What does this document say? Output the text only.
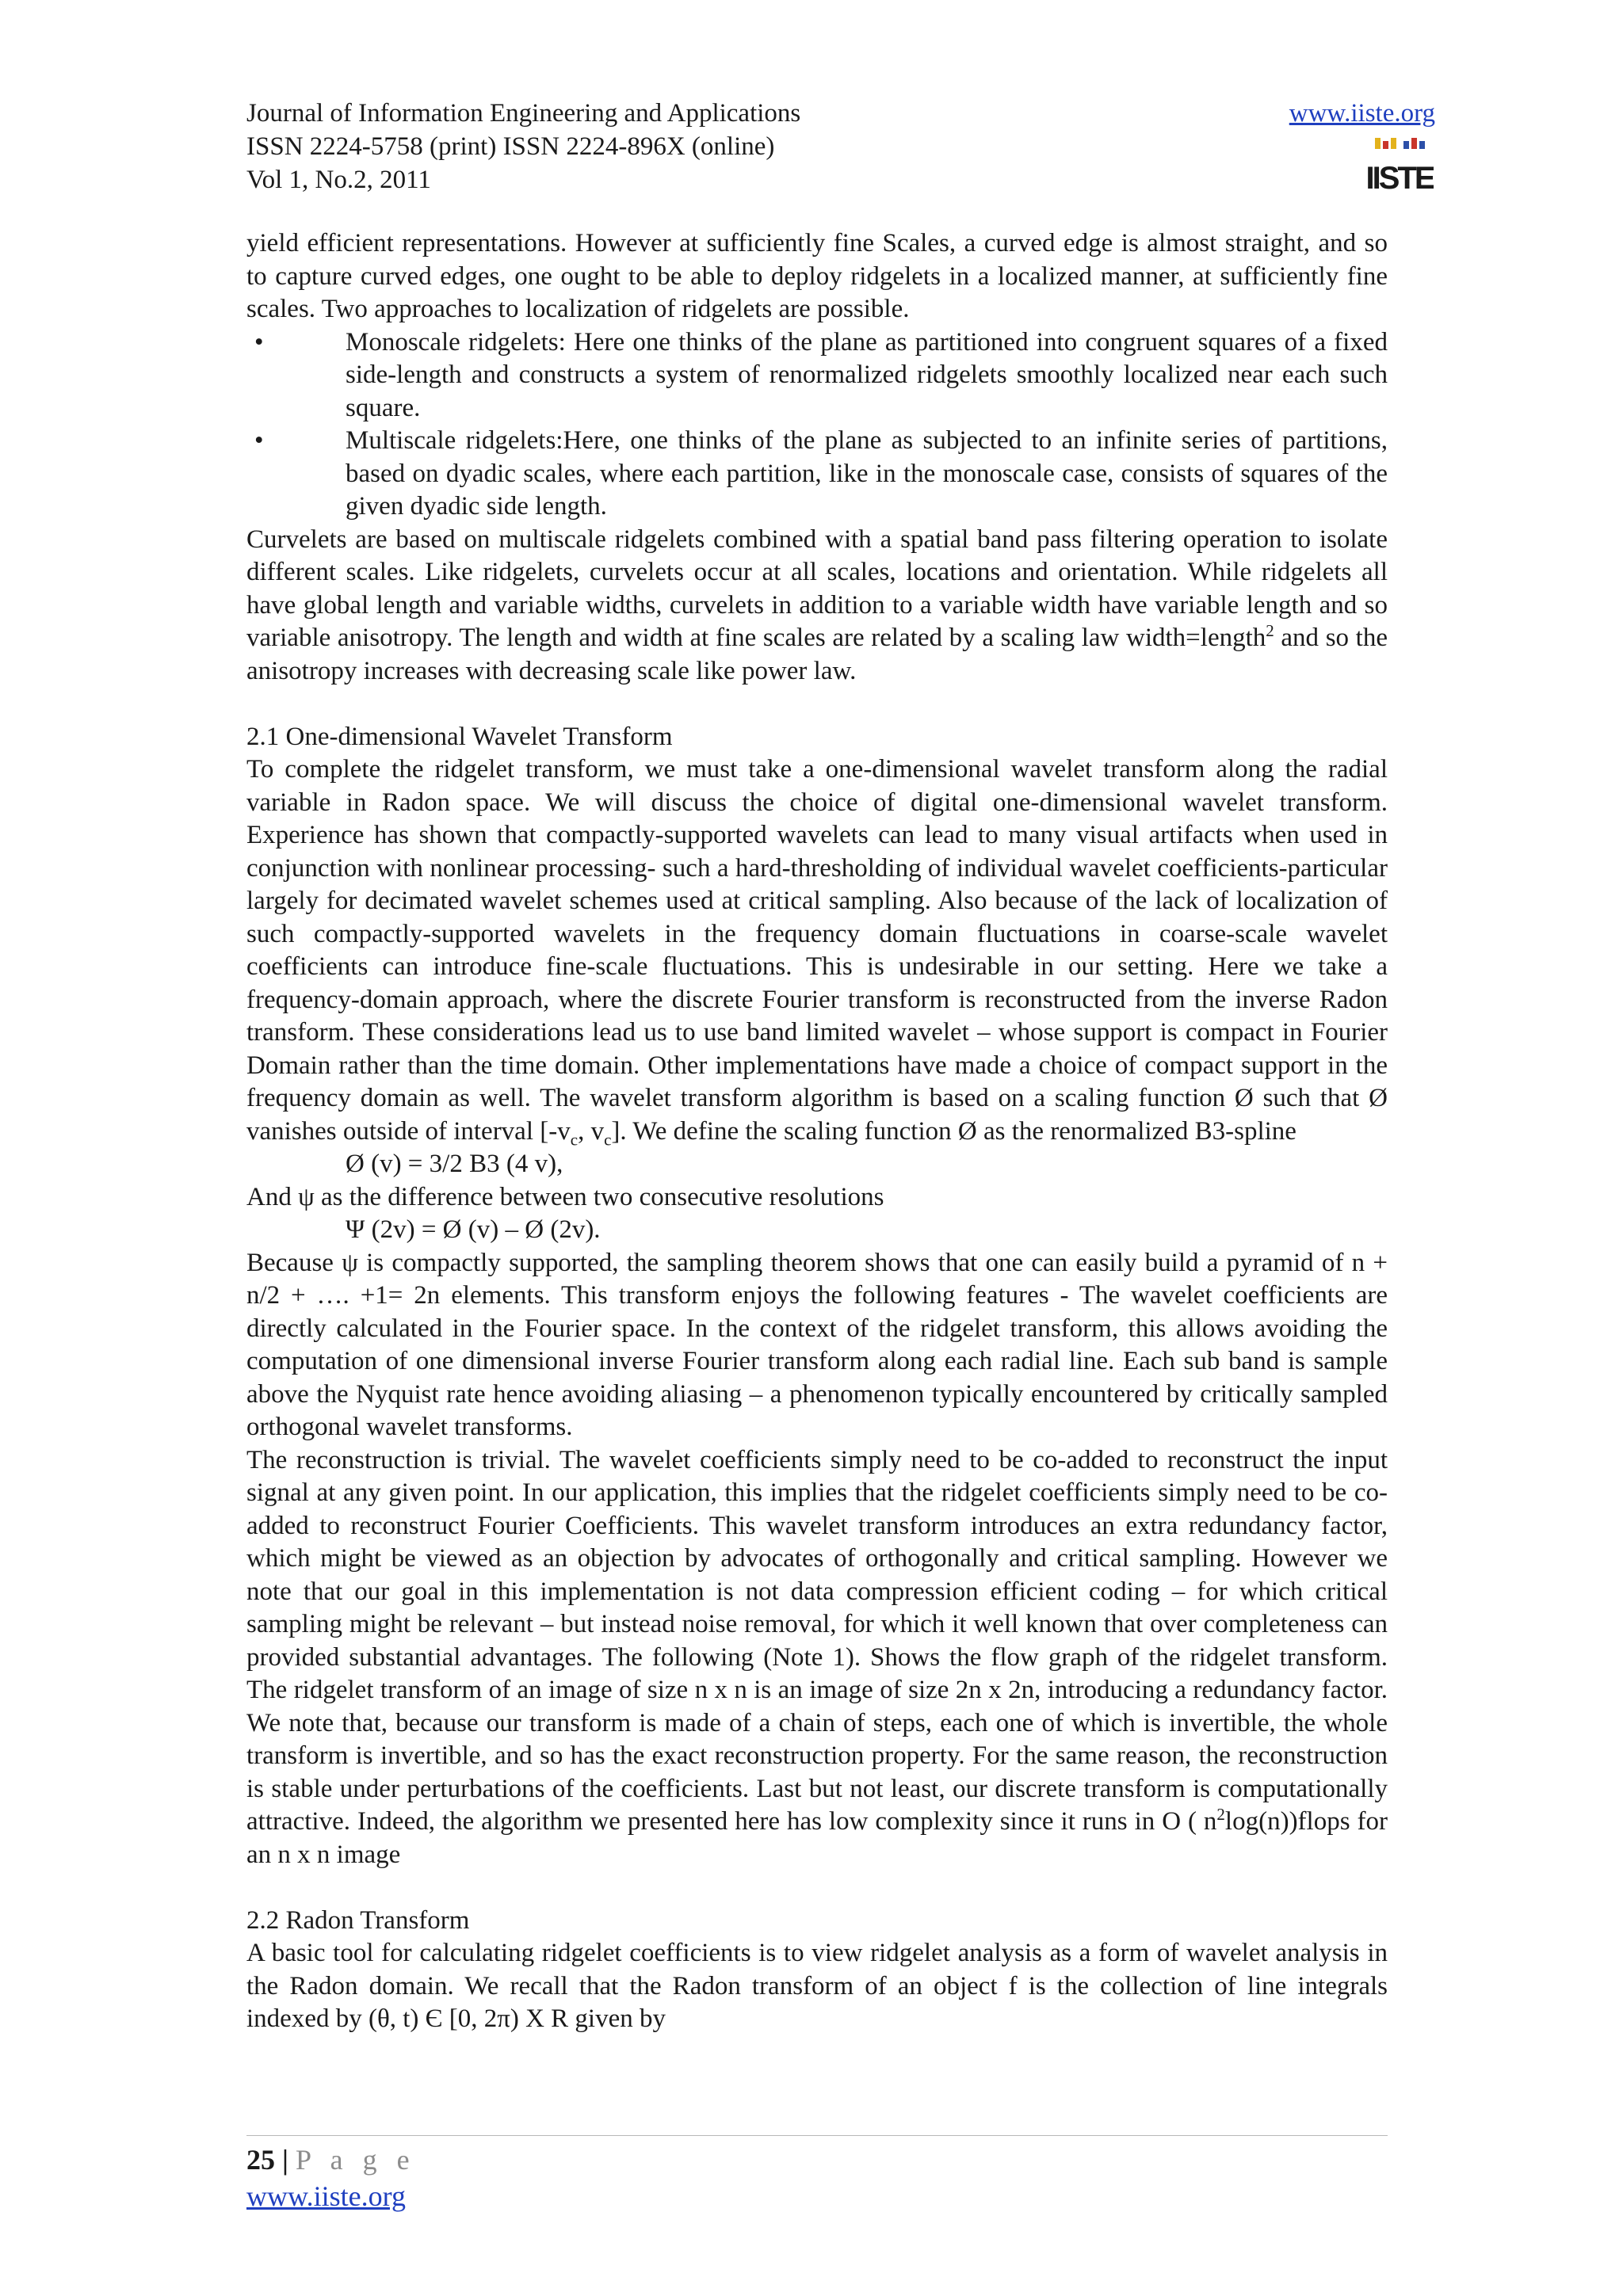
Journal of Information Engineering and Applications
ISSN 2224-5758 (print) ISSN 2224-896X (online)
Vol 1, No.2, 2011
www.iiste.org
IISTE

yield efficient representations. However at sufficiently fine Scales, a curved edge is almost straight, and so to capture curved edges, one ought to be able to deploy ridgelets in a localized manner, at sufficiently fine scales. Two approaches to localization of ridgelets are possible.

•	Monoscale ridgelets: Here one thinks of the plane as partitioned into congruent squares of a fixed side-length and constructs a system of renormalized ridgelets smoothly localized near each such square.
•	Multiscale ridgelets:Here, one thinks of the plane as subjected to an infinite series of partitions, based on dyadic scales, where each partition, like in the monoscale case, consists of squares of the given dyadic side length.

Curvelets are based on multiscale ridgelets combined with a spatial band pass filtering operation to isolate different scales. Like ridgelets, curvelets occur at all scales, locations and orientation. While ridgelets all have global length and variable widths, curvelets in addition to a variable width have variable length and so variable anisotropy. The length and width at fine scales are related by a scaling law width=length$^2$ and so the anisotropy increases with decreasing scale like power law.

2.1 One-dimensional Wavelet Transform

To complete the ridgelet transform, we must take a one-dimensional wavelet transform along the radial variable in Radon space. We will discuss the choice of digital one-dimensional wavelet transform. Experience has shown that compactly-supported wavelets can lead to many visual artifacts when used in conjunction with nonlinear processing- such a hard-thresholding of individual wavelet coefficients-particular largely for decimated wavelet schemes used at critical sampling. Also because of the lack of localization of such compactly-supported wavelets in the frequency domain fluctuations in coarse-scale wavelet coefficients can introduce fine-scale fluctuations. This is undesirable in our setting. Here we take a frequency-domain approach, where the discrete Fourier transform is reconstructed from the inverse Radon transform. These considerations lead us to use band limited wavelet – whose support is compact in Fourier Domain rather than the time domain. Other implementations have made a choice of compact support in the frequency domain as well. The wavelet transform algorithm is based on a scaling function Ø such that Ø vanishes outside of interval [$-v_c$, $v_c$]. We define the scaling function Ø as the renormalized B3-spline

Ø (v) = 3/2 B3 (4 v),

And ψ as the difference between two consecutive resolutions

Ψ (2v) = Ø (v) – Ø (2v).

Because ψ is compactly supported, the sampling theorem shows that one can easily build a pyramid of n + n/2 + …. +1= 2n elements. This transform enjoys the following features - The wavelet coefficients are directly calculated in the Fourier space. In the context of the ridgelet transform, this allows avoiding the computation of one dimensional inverse Fourier transform along each radial line. Each sub band is sample above the Nyquist rate hence avoiding aliasing – a phenomenon typically encountered by critically sampled orthogonal wavelet transforms.

The reconstruction is trivial. The wavelet coefficients simply need to be co-added to reconstruct the input signal at any given point. In our application, this implies that the ridgelet coefficients simply need to be co-added to reconstruct Fourier Coefficients. This wavelet transform introduces an extra redundancy factor, which might be viewed as an objection by advocates of orthogonally and critical sampling. However we note that our goal in this implementation is not data compression efficient coding – for which critical sampling might be relevant – but instead noise removal, for which it well known that over completeness can provided substantial advantages. The following (Note 1). Shows the flow graph of the ridgelet transform. The ridgelet transform of an image of size n x n is an image of size 2n x 2n, introducing a redundancy factor. We note that, because our transform is made of a chain of steps, each one of which is invertible, the whole transform is invertible, and so has the exact reconstruction property. For the same reason, the reconstruction is stable under perturbations of the coefficients. Last but not least, our discrete transform is computationally attractive. Indeed, the algorithm we presented here has low complexity since it runs in O ( $n^2\log(n))flops$ for an n x n image

2.2 Radon Transform

A basic tool for calculating ridgelet coefficients is to view ridgelet analysis as a form of wavelet analysis in the Radon domain. We recall that the Radon transform of an object f is the collection of line integrals indexed by (θ, t) Є [0, 2π) X R given by

25 | P a g e
www.iiste.org
